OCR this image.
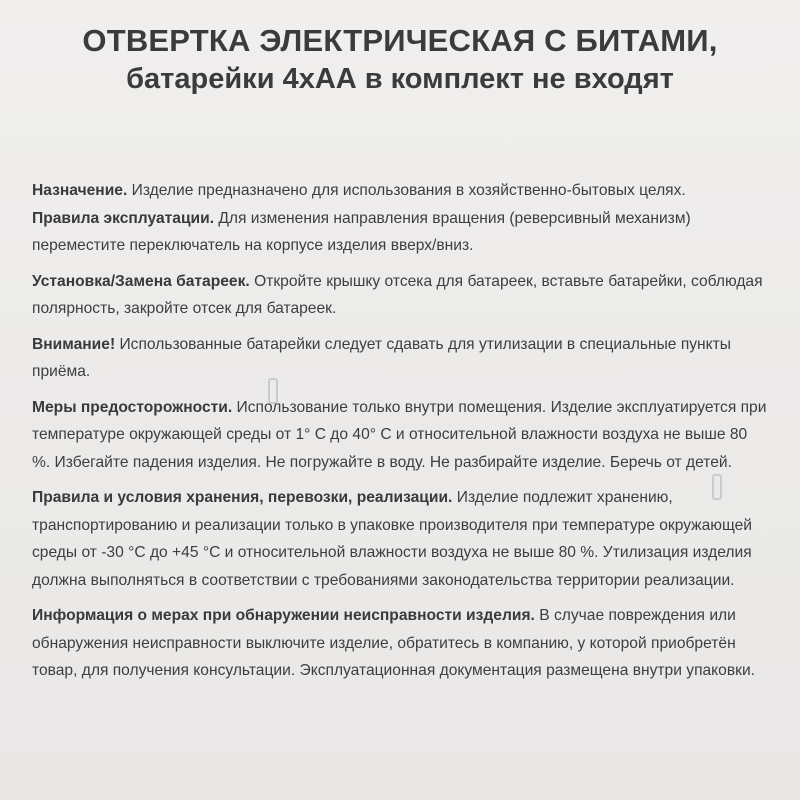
ОТВЕРТКА ЭЛЕКТРИЧЕСКАЯ С БИТАМИ,
батарейки 4хАА в комплект не входят

Назначение. Изделие предназначено для использования в хозяйственно-бытовых целях.

Правила эксплуатации. Для изменения направления вращения (реверсивный механизм) переместите переключатель на корпусе изделия вверх/вниз.

Установка/Замена батареек. Откройте крышку отсека для батареек, вставьте батарейки, соблюдая полярность, закройте отсек для батареек.

Внимание! Использованные батарейки следует сдавать для утилизации в специальные пункты приёма.

Меры предосторожности. Использование только внутри помещения. Изделие эксплуатируется при температуре окружающей среды от 1° С до 40° С и относительной влажности воздуха не выше 80 %. Избегайте падения изделия. Не погружайте в воду. Не разбирайте изделие. Беречь от детей.

Правила и условия хранения, перевозки, реализации. Изделие подлежит хранению, транспортированию и реализации только в упаковке производителя при температуре окружающей среды от -30 °С до +45 °С и относительной влажности воздуха не выше 80 %. Утилизация изделия должна выполняться в соответствии с требованиями законодательства территории реализации.

Информация о мерах при обнаружении неисправности изделия. В случае повреждения или обнаружения неисправности выключите изделие, обратитесь в компанию, у которой приобретён товар, для получения консультации. Эксплуатационная документация размещена внутри упаковки.
